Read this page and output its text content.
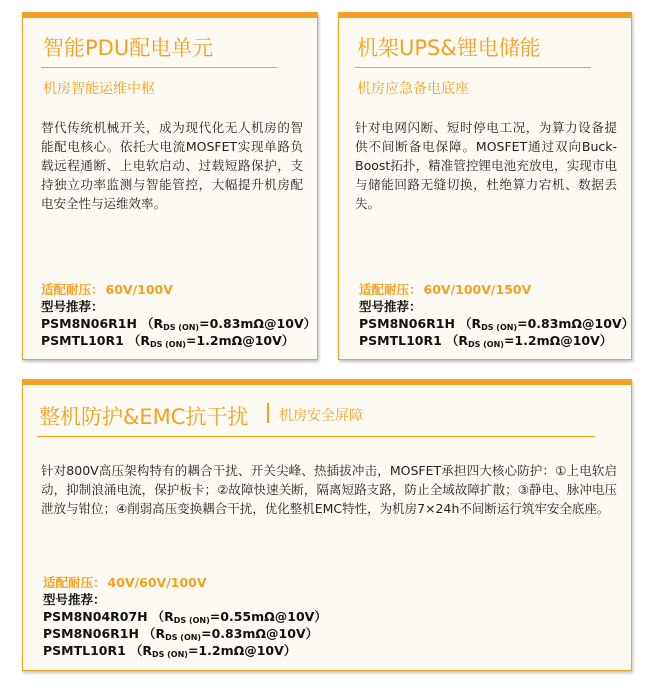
智能PDU配电单元
机房智能运维中枢
替代传统机械开关，成为现代化无人机房的智能配电核心。依托大电流MOSFET实现单路负载远程通断、上电软启动、过载短路保护，支持独立功率监测与智能管控，大幅提升机房配电安全性与运维效率。
适配耐压： 60V/100V
型号推荐：
PSM8N06R1H （RDS (ON)=0.83mΩ@10V）
PSMTL10R1 （RDS (ON)=1.2mΩ@10V）
机架UPS&锂电储能
机房应急备电底座
针对电网闪断、短时停电工况，为算力设备提供不间断备电保障。MOSFET通过双向Buck-Boost拓扑，精准管控锂电池充放电，实现市电与储能回路无缝切换，杜绝算力宕机、数据丢失。
适配耐压： 60V/100V/150V
型号推荐：
PSM8N06R1H （RDS (ON)=0.83mΩ@10V）
PSMTL10R1 （RDS (ON)=1.2mΩ@10V）
整机防护&EMC抗干扰 机房安全屏障
针对800V高压架构特有的耦合干扰、开关尖峰、热插拔冲击，MOSFET承担四大核心防护：①上电软启动，抑制浪涌电流，保护板卡；②故障快速关断，隔离短路支路，防止全域故障扩散；③静电、脉冲电压泄放与钳位；④削弱高压变换耦合干扰，优化整机EMC特性，为机房7×24h不间断运行筑牢安全底座。
适配耐压： 40V/60V/100V
型号推荐：
PSM8N04R07H （RDS (ON)=0.55mΩ@10V）
PSM8N06R1H （RDS (ON)=0.83mΩ@10V）
PSMTL10R1 （RDS (ON)=1.2mΩ@10V）
